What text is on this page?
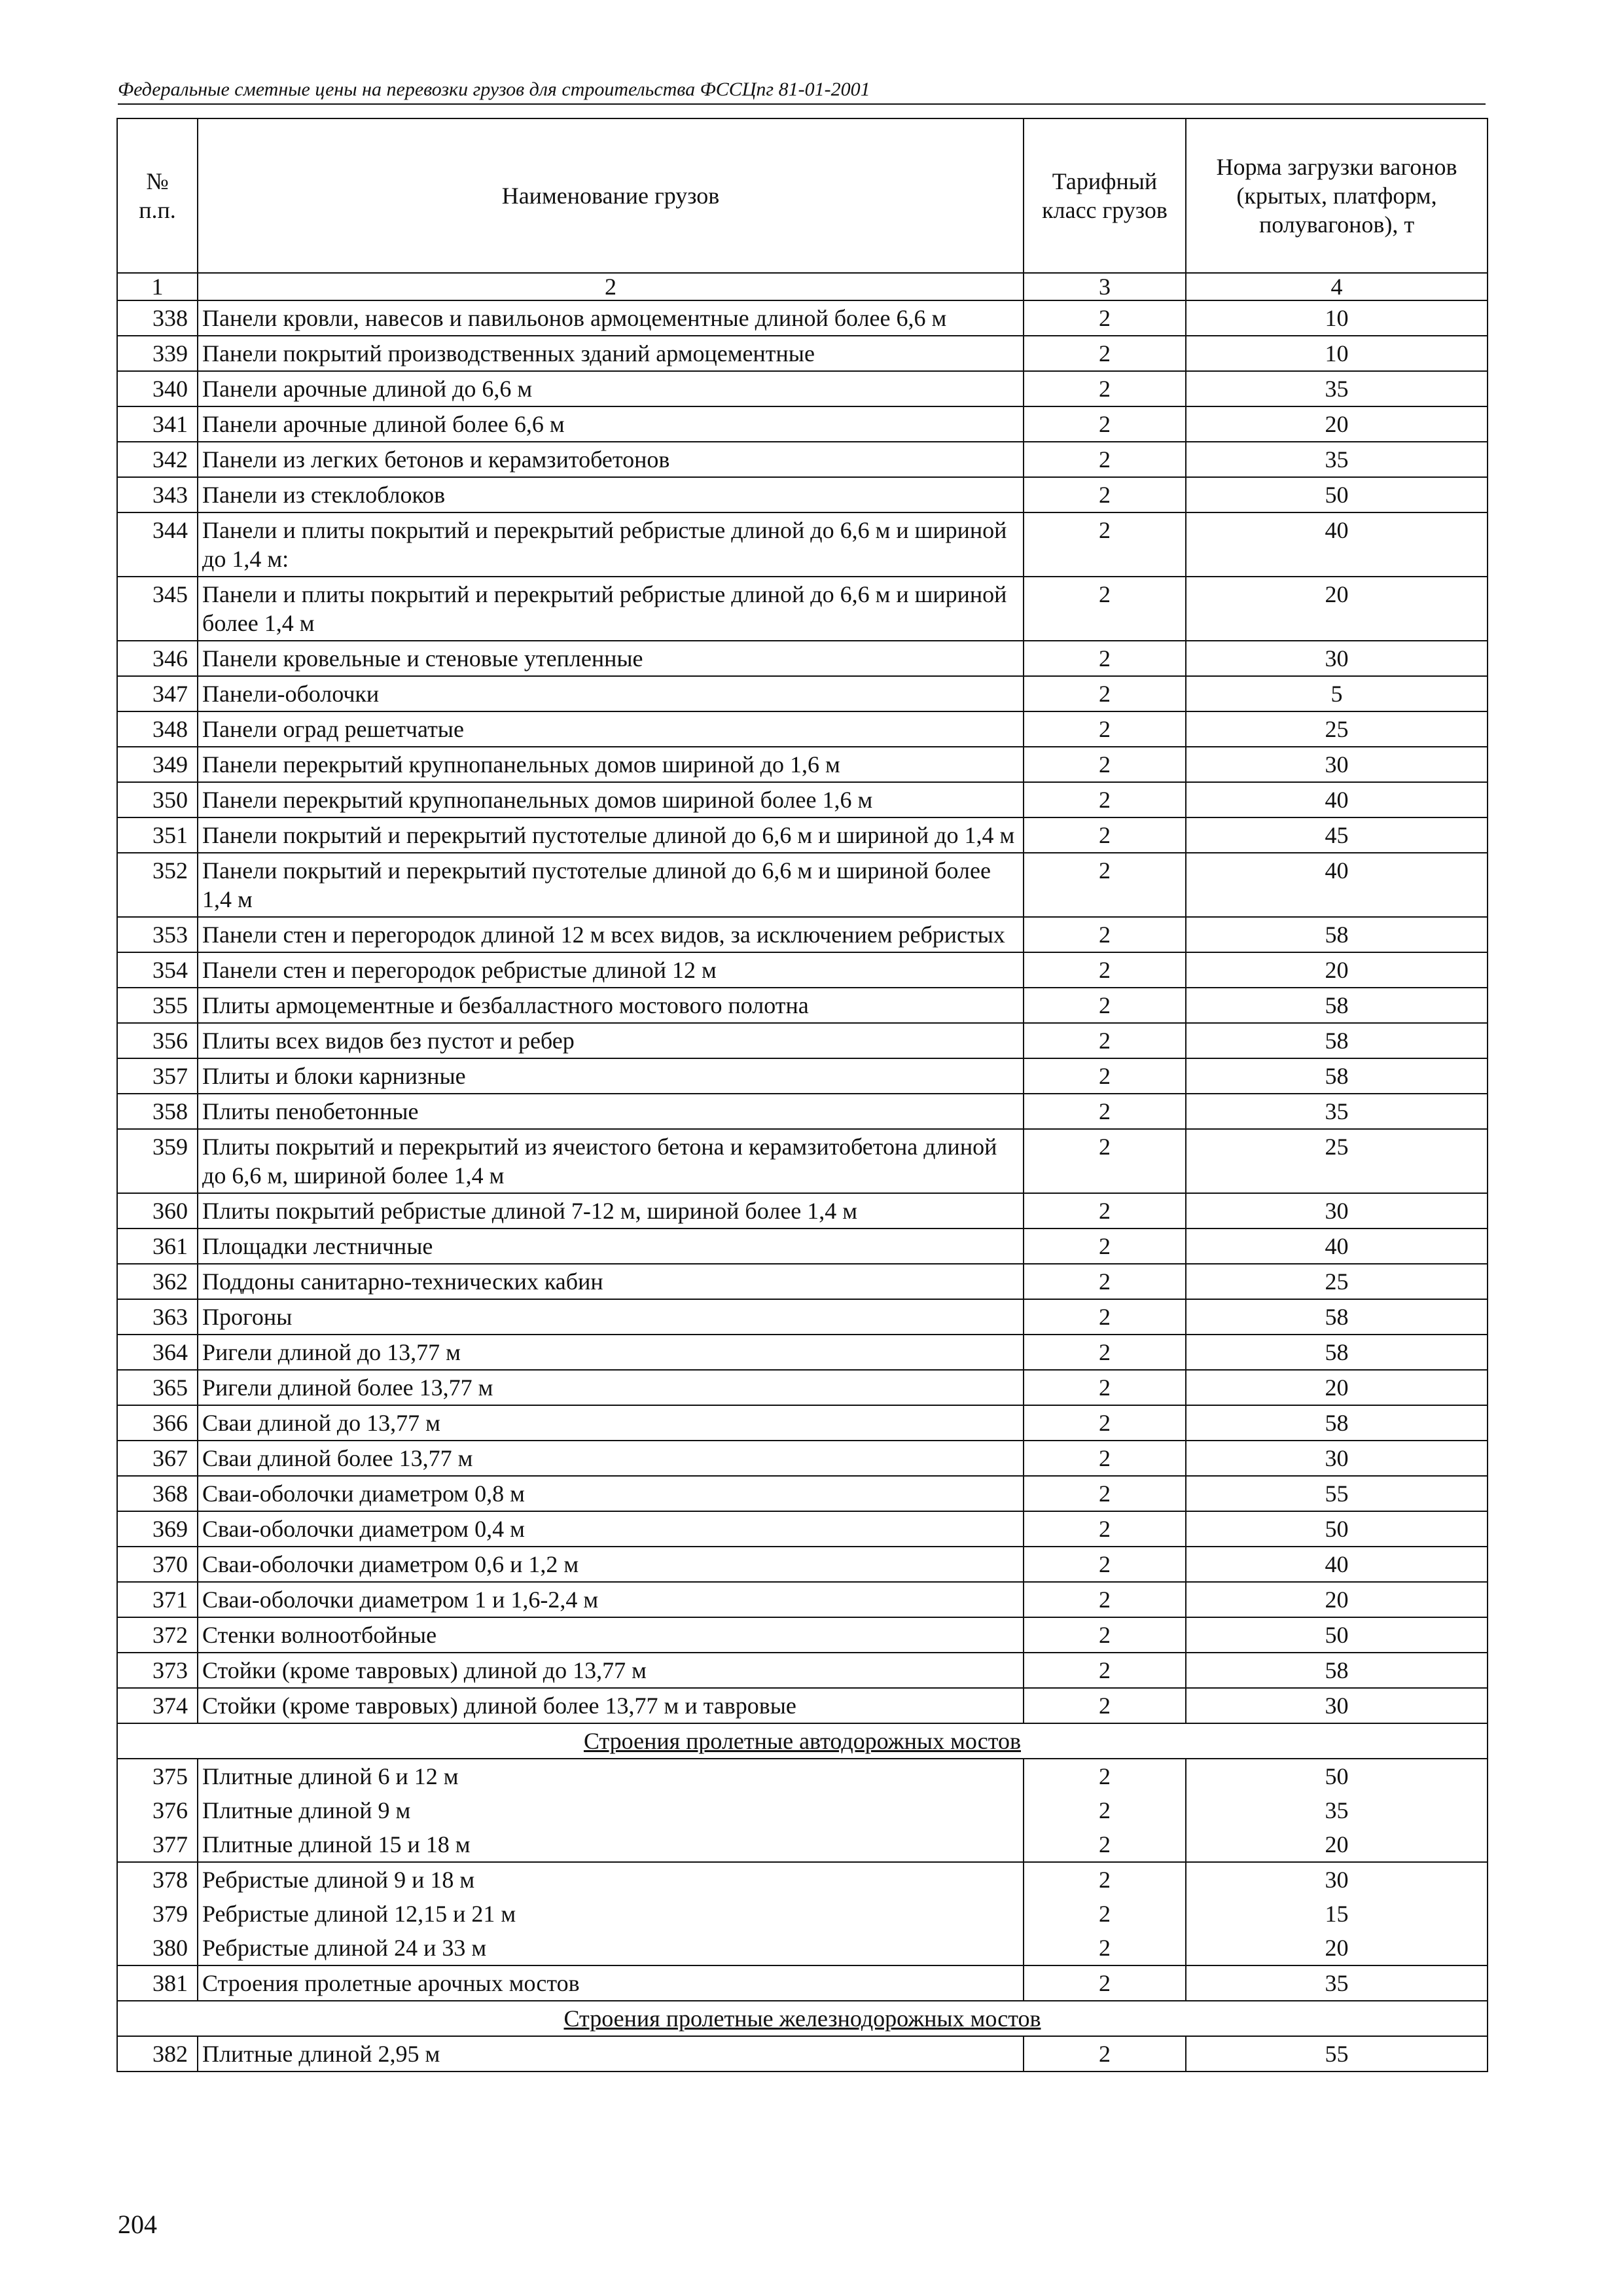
Федеральные сметные цены на перевозки грузов для строительства ФССЦпг 81-01-2001
№
п.п.	Наименование грузов	Тарифный класс грузов	Норма загрузки вагонов (крытых, платформ, полувагонов), т
1	2	3	4
338	Панели кровли, навесов и павильонов армоцементные длиной более 6,6 м	2	10
339	Панели покрытий производственных зданий армоцементные	2	10
340	Панели арочные длиной до 6,6 м	2	35
341	Панели арочные длиной более 6,6 м	2	20
342	Панели из легких бетонов и керамзитобетонов	2	35
343	Панели из стеклоблоков	2	50
344	Панели и плиты покрытий и перекрытий ребристые длиной до 6,6 м и шириной до 1,4 м:	2	40
345	Панели и плиты покрытий и перекрытий ребристые длиной до 6,6 м и шириной более 1,4 м	2	20
346	Панели кровельные и стеновые утепленные	2	30
347	Панели-оболочки	2	5
348	Панели оград решетчатые	2	25
349	Панели перекрытий крупнопанельных домов шириной до 1,6 м	2	30
350	Панели перекрытий крупнопанельных домов шириной более 1,6 м	2	40
351	Панели покрытий и перекрытий пустотелые длиной до 6,6 м и шириной до 1,4 м	2	45
352	Панели покрытий и перекрытий пустотелые длиной до 6,6 м и шириной более 1,4 м	2	40
353	Панели стен и перегородок длиной 12 м всех видов, за исключением ребристых	2	58
354	Панели стен и перегородок ребристые длиной 12 м	2	20
355	Плиты армоцементные и безбалластного мостового полотна	2	58
356	Плиты всех видов без пустот и ребер	2	58
357	Плиты и блоки карнизные	2	58
358	Плиты пенобетонные	2	35
359	Плиты покрытий и перекрытий из ячеистого бетона и керамзитобетона длиной до 6,6 м, шириной более 1,4 м	2	25
360	Плиты покрытий ребристые длиной 7-12 м, шириной более 1,4 м	2	30
361	Площадки лестничные	2	40
362	Поддоны санитарно-технических кабин	2	25
363	Прогоны	2	58
364	Ригели длиной до 13,77 м	2	58
365	Ригели длиной более 13,77 м	2	20
366	Сваи длиной до 13,77 м	2	58
367	Сваи длиной более 13,77 м	2	30
368	Сваи-оболочки диаметром 0,8 м	2	55
369	Сваи-оболочки диаметром 0,4 м	2	50
370	Сваи-оболочки диаметром 0,6 и 1,2 м	2	40
371	Сваи-оболочки диаметром 1 и 1,6-2,4 м	2	20
372	Стенки волноотбойные	2	50
373	Стойки (кроме тавровых) длиной до 13,77 м	2	58
374	Стойки (кроме тавровых) длиной более 13,77 м и тавровые	2	30
Строения пролетные автодорожных мостов			
375	Плитные длиной 6 и 12 м	2	50
376	Плитные длиной 9 м	2	35
377	Плитные длиной 15 и 18 м	2	20
378	Ребристые длиной 9 и 18 м	2	30
379	Ребристые длиной 12,15 и 21 м	2	15
380	Ребристые длиной 24 и 33 м	2	20
381	Строения пролетные арочных мостов	2	35
Строения пролетные железнодорожных мостов			
382	Плитные длиной 2,95 м	2	55
204
